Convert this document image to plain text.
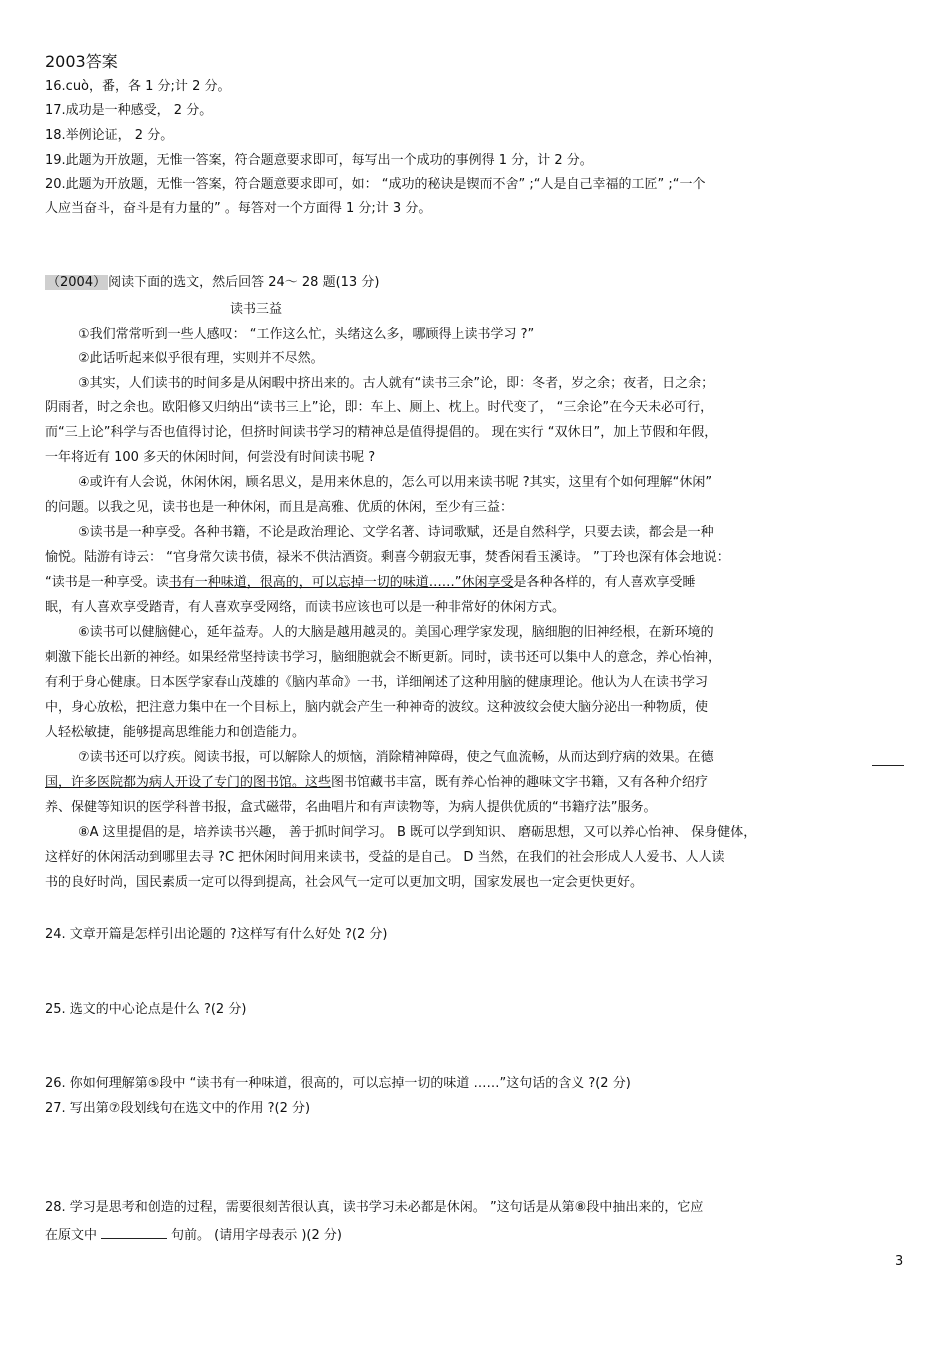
2003答案
16.cuò，番，各 1 分;计 2 分。
17.成功是一种感受， 2 分。
18.举例论证， 2 分。
19.此题为开放题，无惟一答案，符合题意要求即可，每写出一个成功的事例得 1 分，计 2 分。
20.此题为开放题，无惟一答案，符合题意要求即可，如： “成功的秘诀是锲而不舍” ;“人是自己幸福的工匠” ;“一个
人应当奋斗，奋斗是有力量的” 。每答对一个方面得 1 分;计 3 分。
（2004） 阅读下面的选文，然后回答 24～ 28 题(13 分)
读书三益
①我们常常听到一些人感叹： “工作这么忙，头绪这么多，哪顾得上读书学习 ?”
②此话听起来似乎很有理，实则并不尽然。
③其实，人们读书的时间多是从闲暇中挤出来的。古人就有“读书三余”论，即：冬者，岁之余；夜者，日之余；
阴雨者，时之余也。欧阳修又归纳出“读书三上”论，即：车上、厕上、枕上。时代变了， “三余论”在今天未必可行，
而“三上论”科学与否也值得讨论，但挤时间读书学习的精神总是值得提倡的。 现在实行 “双休日”，加上节假和年假，
一年将近有 100 多天的休闲时间，何尝没有时间读书呢 ?
④或许有人会说，休闲休闲，顾名思义，是用来休息的，怎么可以用来读书呢 ?其实，这里有个如何理解“休闲”
的问题。以我之见，读书也是一种休闲，而且是高雅、优质的休闲，至少有三益：
⑤读书是一种享受。各种书籍，不论是政治理论、文学名著、诗词歌赋，还是自然科学，只要去读，都会是一种
愉悦。陆游有诗云： “官身常欠读书债，禄米不供沽酒资。剩喜今朝寂无事，焚香闲看玉溪诗。 ”丁玲也深有体会地说：
“读书是一种享受。读书有一种味道，很高的，可以忘掉一切的味道……”休闲享受是各种各样的，有人喜欢享受睡
眠，有人喜欢享受踏青，有人喜欢享受网络，而读书应该也可以是一种非常好的休闲方式。
⑥读书可以健脑健心，延年益寿。人的大脑是越用越灵的。美国心理学家发现，脑细胞的旧神经根，在新环境的
刺激下能长出新的神经。如果经常坚持读书学习，脑细胞就会不断更新。同时，读书还可以集中人的意念，养心怡神，
有利于身心健康。日本医学家春山茂雄的《脑内革命》一书，详细阐述了这种用脑的健康理论。他认为人在读书学习
中，身心放松，把注意力集中在一个目标上，脑内就会产生一种神奇的波纹。这种波纹会使大脑分泌出一种物质，使
人轻松敏捷，能够提高思维能力和创造能力。
⑦读书还可以疗疾。阅读书报，可以解除人的烦恼，消除精神障碍，使之气血流畅，从而达到疗病的效果。在德
国，许多医院都为病人开设了专门的图书馆。这些图书馆藏书丰富，既有养心怡神的趣味文字书籍，又有各种介绍疗
养、保健等知识的医学科普书报，盒式磁带，名曲唱片和有声读物等，为病人提供优质的“书籍疗法”服务。
⑧A 这里提倡的是，培养读书兴趣， 善于抓时间学习。 B 既可以学到知识、 磨砺思想，又可以养心怡神、 保身健体，
这样好的休闲活动到哪里去寻 ?C 把休闲时间用来读书，受益的是自己。 D 当然，在我们的社会形成人人爱书、人人读
书的良好时尚，国民素质一定可以得到提高，社会风气一定可以更加文明，国家发展也一定会更快更好。
24. 文章开篇是怎样引出论题的 ?这样写有什么好处 ?(2 分)
25. 选文的中心论点是什么 ?(2 分)
26. 你如何理解第⑤段中 “读书有一种味道，很高的，可以忘掉一切的味道 ……”这句话的含义 ?(2 分)
27. 写出第⑦段划线句在选文中的作用 ?(2 分)
28. 学习是思考和创造的过程，需要很刻苦很认真，读书学习未必都是休闲。 ”这句话是从第⑧段中抽出来的，它应
在原文中	句前。 (请用字母表示 )(2 分)
3
